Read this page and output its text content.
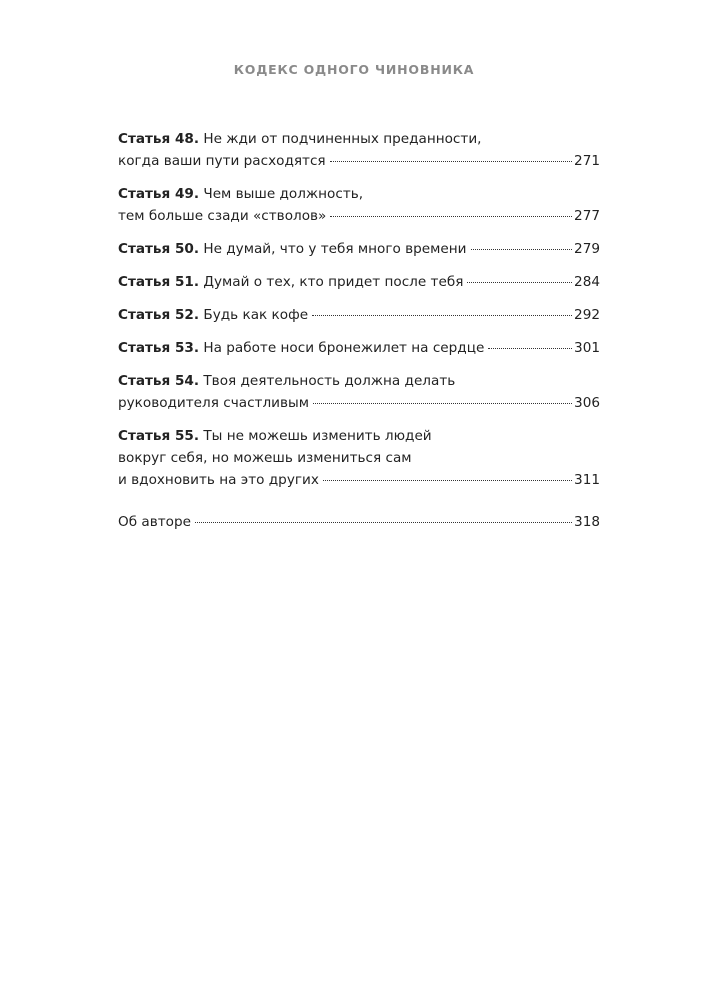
КОДЕКС ОДНОГО ЧИНОВНИКА
Статья 48. Не жди от подчиненных преданности,
когда ваши пути расходятся	271
Статья 49. Чем выше должность,
тем больше сзади «стволов»	277
Статья 50.
Не думай, что у тебя много времени	279
Статья 51.
Думай о тех, кто придет после тебя	284
Статья 52.
Будь как кофе	292
Статья 53.
На работе носи бронежилет на сердце	301
Статья 54. Твоя деятельность должна делать
руководителя счастливым	306
Статья 55. Ты не можешь изменить людей
вокруг себя, но можешь измениться сам
и вдохновить на это других	311
Об авторе	318
